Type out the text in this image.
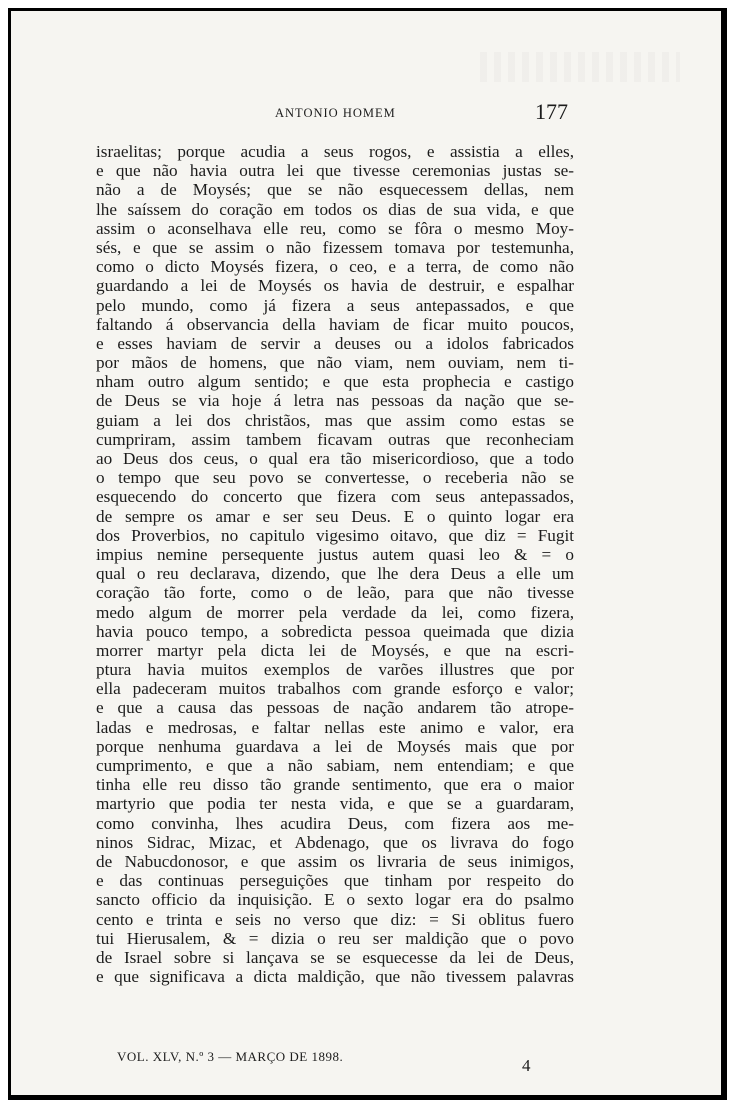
ANTONIO HOMEM	177
israelitas; porque acudia a seus rogos, e assistia a elles,
e que não havia outra lei que tivesse ceremonias justas se-
não a de Moysés; que se não esquecessem dellas, nem
lhe saíssem do coração em todos os dias de sua vida, e que
assim o aconselhava elle reu, como se fôra o mesmo Moy-
sés, e que se assim o não fizessem tomava por testemunha,
como o dicto Moysés fizera, o ceo, e a terra, de como não
guardando a lei de Moysés os havia de destruir, e espalhar
pelo mundo, como já fizera a seus antepassados, e que
faltando á observancia della haviam de ficar muito poucos,
e esses haviam de servir a deuses ou a idolos fabricados
por mãos de homens, que não viam, nem ouviam, nem ti-
nham outro algum sentido; e que esta prophecia e castigo
de Deus se via hoje á letra nas pessoas da nação que se-
guiam a lei dos christãos, mas que assim como estas se
cumpriram, assim tambem ficavam outras que reconheciam
ao Deus dos ceus, o qual era tão misericordioso, que a todo
o tempo que seu povo se convertesse, o receberia não se
esquecendo do concerto que fizera com seus antepassados,
de sempre os amar e ser seu Deus. E o quinto logar era
dos Proverbios, no capitulo vigesimo oitavo, que diz = Fugit
impius nemine persequente justus autem quasi leo & = o
qual o reu declarava, dizendo, que lhe dera Deus a elle um
coração tão forte, como o de leão, para que não tivesse
medo algum de morrer pela verdade da lei, como fizera,
havia pouco tempo, a sobredicta pessoa queimada que dizia
morrer martyr pela dicta lei de Moysés, e que na escri-
ptura havia muitos exemplos de varões illustres que por
ella padeceram muitos trabalhos com grande esforço e valor;
e que a causa das pessoas de nação andarem tão atrope-
ladas e medrosas, e faltar nellas este animo e valor, era
porque nenhuma guardava a lei de Moysés mais que por
cumprimento, e que a não sabiam, nem entendiam; e que
tinha elle reu disso tão grande sentimento, que era o maior
martyrio que podia ter nesta vida, e que se a guardaram,
como convinha, lhes acudira Deus, com fizera aos me-
ninos Sidrac, Mizac, et Abdenago, que os livrava do fogo
de Nabucdonosor, e que assim os livraria de seus inimigos,
e das continuas perseguições que tinham por respeito do
sancto officio da inquisição. E o sexto logar era do psalmo
cento e trinta e seis no verso que diz: = Si oblitus fuero
tui Hierusalem, & = dizia o reu ser maldição que o povo
de Israel sobre si lançava se se esquecesse da lei de Deus,
e que significava a dicta maldição, que não tivessem palavras
VOL. XLV, N.º 3 — MARÇO DE 1898.	4
